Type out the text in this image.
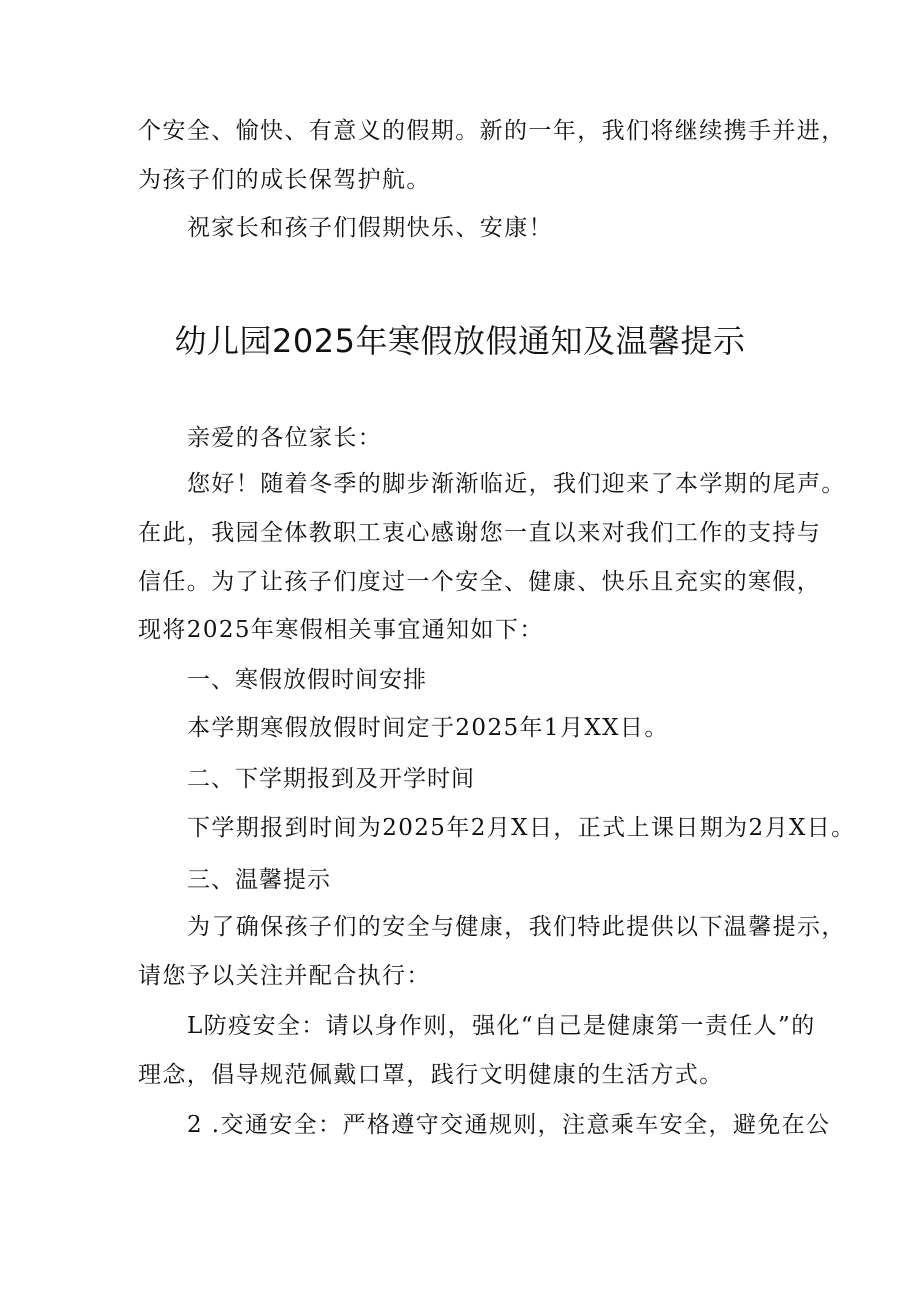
个安全、愉快、有意义的假期。新的一年，我们将继续携手并进，
为孩子们的成长保驾护航。
祝家长和孩子们假期快乐、安康！
幼儿园2025年寒假放假通知及温馨提示
亲爱的各位家长：
您好！随着冬季的脚步渐渐临近，我们迎来了本学期的尾声。
在此，我园全体教职工衷心感谢您一直以来对我们工作的支持与
信任。为了让孩子们度过一个安全、健康、快乐且充实的寒假，
现将2025年寒假相关事宜通知如下：
一、寒假放假时间安排
本学期寒假放假时间定于2025年1月XX日。
二、下学期报到及开学时间
下学期报到时间为2025年2月X日，正式上课日期为2月X日。
三、温馨提示
为了确保孩子们的安全与健康，我们特此提供以下温馨提示，
请您予以关注并配合执行：
L防疫安全：请以身作则，强化“自己是健康第一责任人”的
理念，倡导规范佩戴口罩，践行文明健康的生活方式。
2 .交通安全：严格遵守交通规则，注意乘车安全，避免在公
